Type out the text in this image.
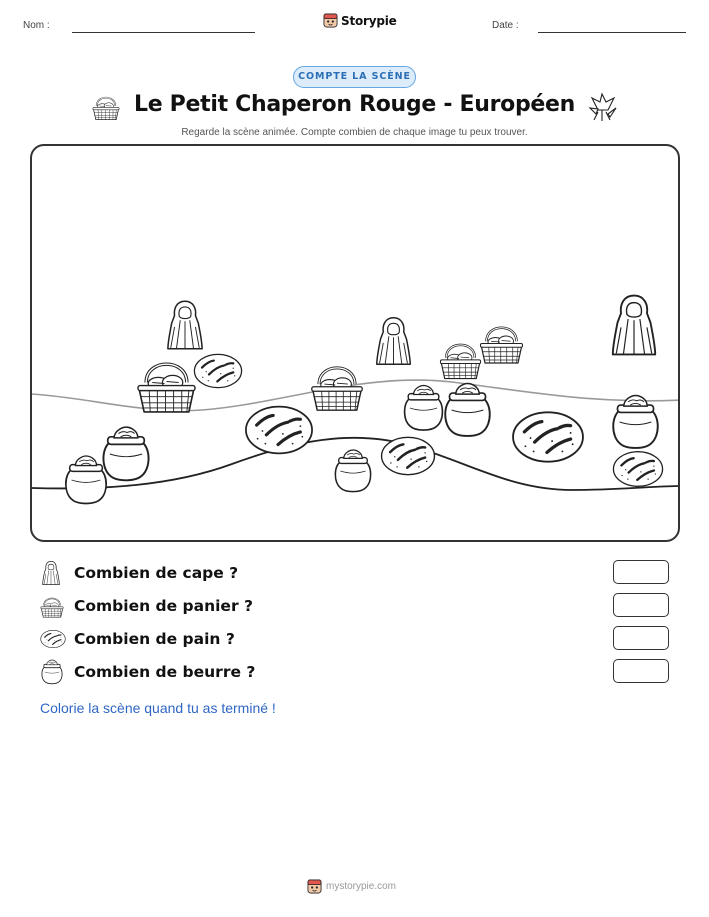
Nom :	Storypie	Date :
COMPTE LA SCÈNE
Le Petit Chaperon Rouge - Européen
Regarde la scène animée. Compte combien de chaque image tu peux trouver.
Combien de cape ?
Combien de panier ?
Combien de pain ?
Combien de beurre ?
Colorie la scène quand tu as terminé !
mystorypie.com
